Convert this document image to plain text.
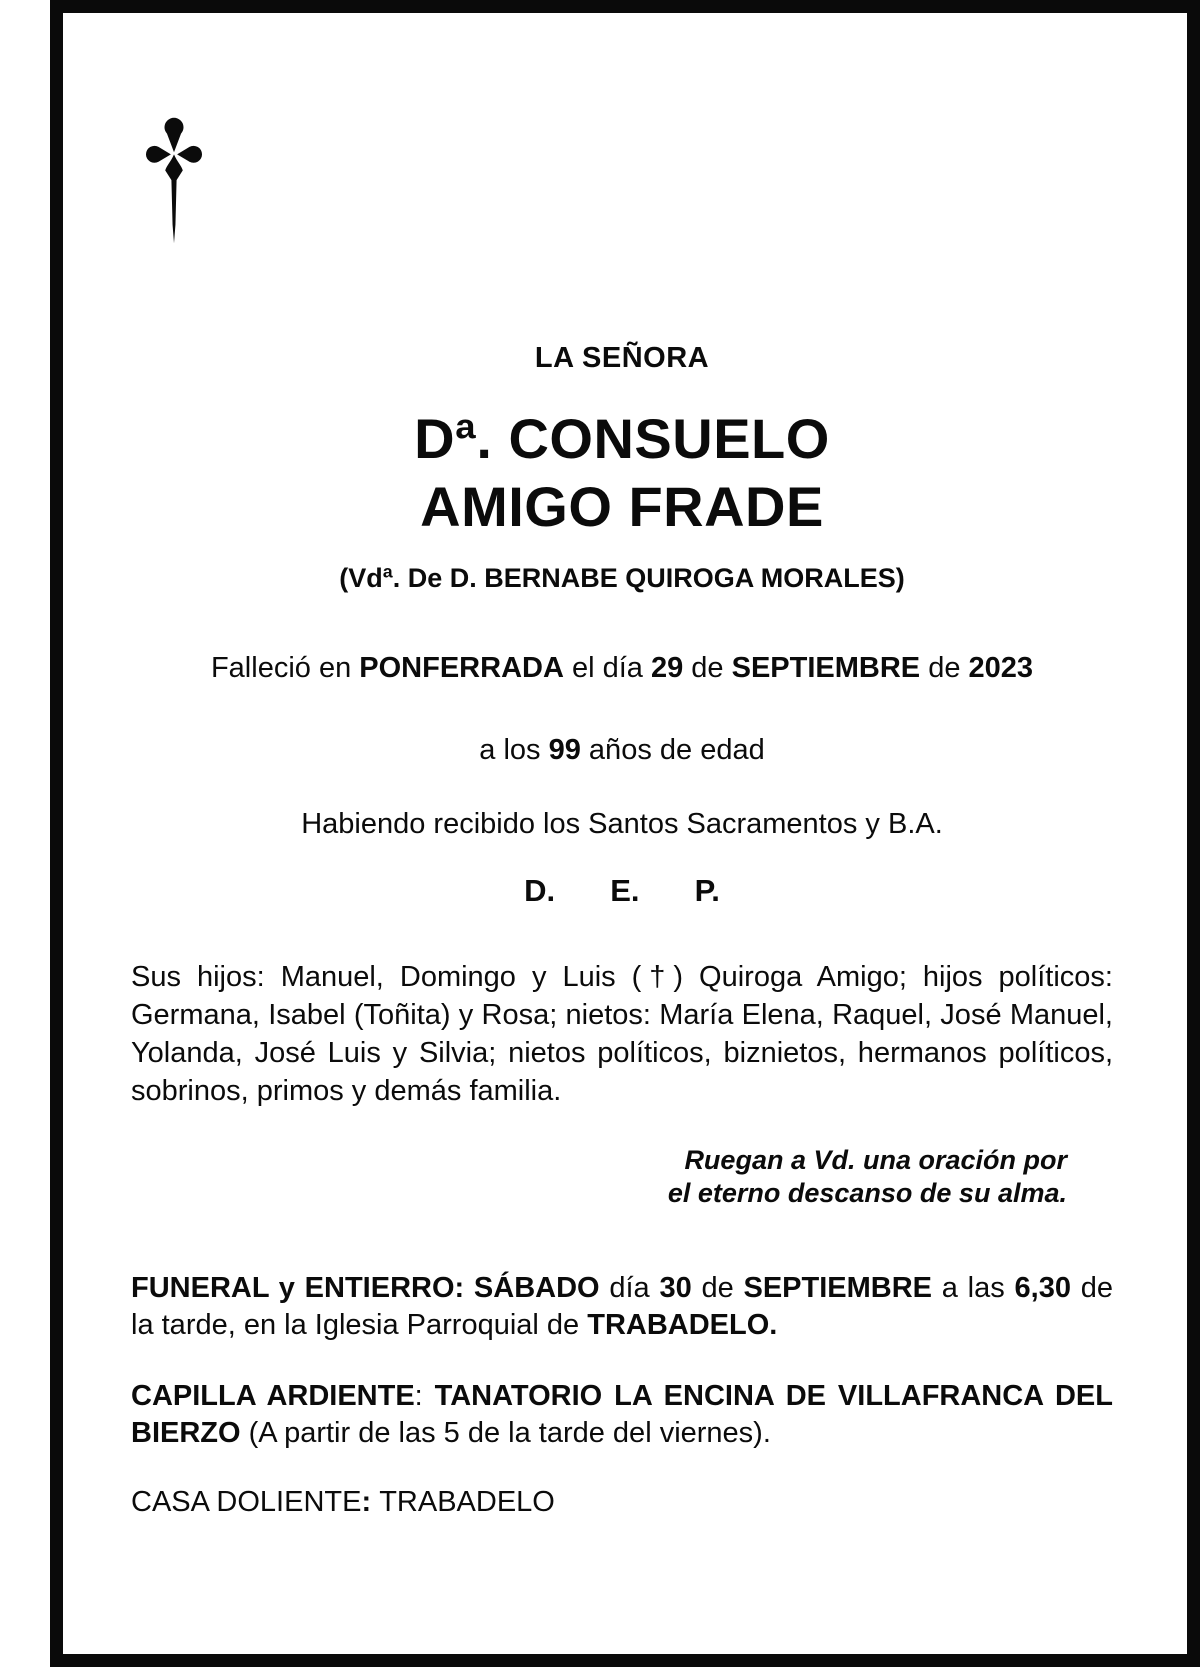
LA SEÑORA
Dª. CONSUELO
AMIGO FRADE
(Vdª. De D. BERNABE QUIROGA MORALES)
Falleció en PONFERRADA el día 29 de SEPTIEMBRE de 2023
a los 99 años de edad
Habiendo recibido los Santos Sacramentos y B.A.
D. E. P.
Sus hijos: Manuel, Domingo y Luis (†) Quiroga Amigo; hijos políticos: Germana, Isabel (Toñita) y Rosa; nietos: María Elena, Raquel, José Manuel, Yolanda, José Luis y Silvia; nietos políticos, biznietos, hermanos políticos, sobrinos, primos y demás familia.
Ruegan a Vd. una oración por
el eterno descanso de su alma.
FUNERAL y ENTIERRO: SÁBADO día 30 de SEPTIEMBRE a las 6,30 de la tarde, en la Iglesia Parroquial de TRABADELO.
CAPILLA ARDIENTE: TANATORIO LA ENCINA DE VILLAFRANCA DEL BIERZO (A partir de las 5 de la tarde del viernes).
CASA DOLIENTE: TRABADELO
